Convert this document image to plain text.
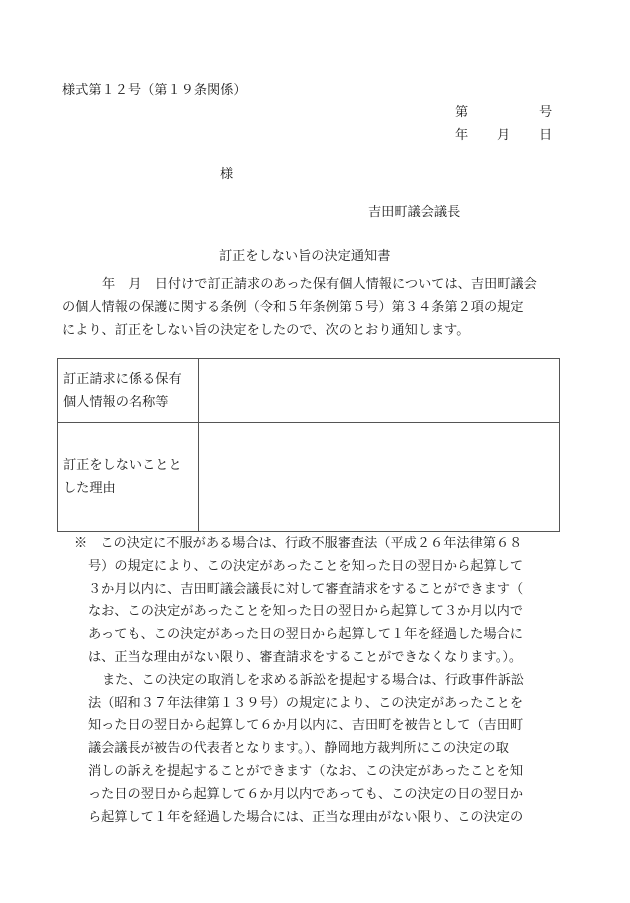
様式第１２号（第１９条関係）
第	号
年 月 日
様
吉田町議会議長
訂正をしない旨の決定通知書
年　月　日付けで訂正請求のあった保有個人情報については、吉田町議会
の個人情報の保護に関する条例（令和５年条例第５号）第３４条第２項の規定
により、訂正をしない旨の決定をしたので、次のとおり通知します。
訂正請求に係る保有
個人情報の名称等	

訂正をしないことと
した理由	

※　 この決定に不服がある場合は、行政不服審査法（平成２６年法律第６８
号）の規定により、この決定があったことを知った日の翌日から起算して
３か月以内に、吉田町議会議長に対して審査請求をすることができます（
なお、この決定があったことを知った日の翌日から起算して３か月以内で
あっても、この決定があった日の翌日から起算して１年を経過した場合に
は、正当な理由がない限り、審査請求をすることができなくなります。）。
また、この決定の取消しを求める訴訟を提起する場合は、行政事件訴訟
法（昭和３７年法律第１３９号）の規定により、この決定があったことを
知った日の翌日から起算して６か月以内に、吉田町を被告として（吉田町
議会議長が被告の代表者となります。）、静岡地方裁判所にこの決定の取
消しの訴えを提起することができます（なお、この決定があったことを知
った日の翌日から起算して６か月以内であっても、この決定の日の翌日か
ら起算して１年を経過した場合には、正当な理由がない限り、この決定の
